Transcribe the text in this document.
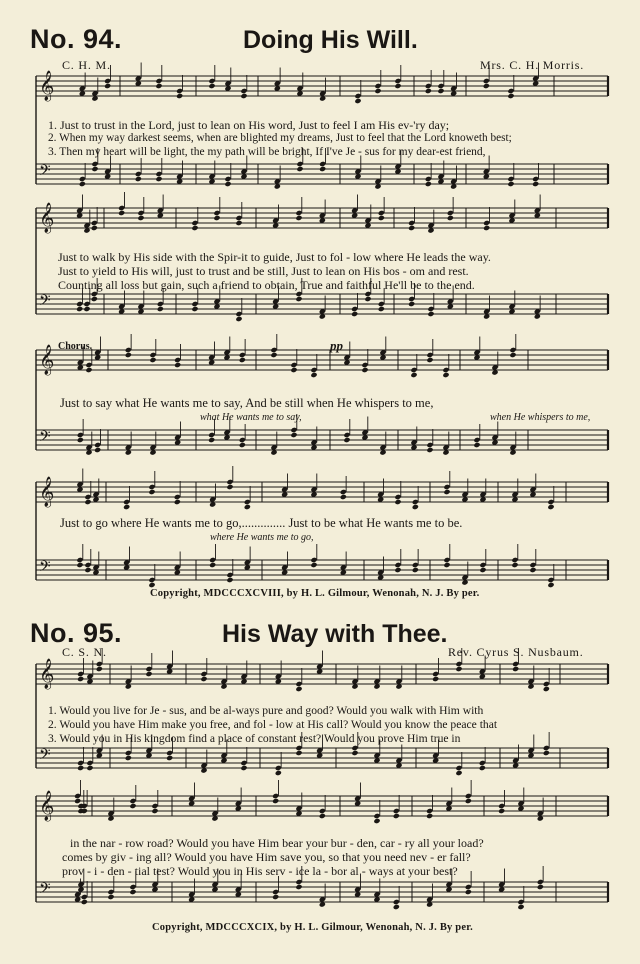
No. 94.	Doing His Will.
C. H. M.	Mrs. C. H. Morris.
1. Just to trust in the Lord, just to lean on His word, Just to feel I am His ev-'ry day;
2. When my way darkest seems, when are blighted my dreams, Just to feel that the Lord knoweth best;
3. Then my heart will be light, the my path will be bright, If I've Je - sus for my dear-est friend,
Just to walk by His side with the Spir-it to guide, Just to fol - low where He leads the way.
Just to yield to His will, just to trust and be still, Just to lean on His bos - om and rest.
Counting all loss but gain, such a friend to obtain, True and faithful He'll be to the end.
Chorus.	pp
Just to say what He wants me to say, And be still when He whispers to me,
what He wants me to say,	when He whispers to me,
Just to go where He wants me to go,.............. Just to be what He wants me to be.
where He wants me to go,
Copyright, MDCCCXCVIII, by H. L. Gilmour, Wenonah, N. J. By per.
No. 95.	His Way with Thee.
C. S. N.	Rev. Cyrus S. Nusbaum.
1. Would you live for Je - sus, and be al-ways pure and good? Would you walk with Him with
2. Would you have Him make you free, and fol - low at His call? Would you know the peace that
3. Would you in His kingdom find a place of constant rest? Would you prove Him true in
in the nar - row road? Would you have Him bear your bur - den, car - ry all your load?
comes by giv - ing all? Would you have Him save you, so that you need nev - er fall?
prov - i - den - tial test? Would you in His serv - ice la - bor al - ways at your best?
Copyright, MDCCCXCIX, by H. L. Gilmour, Wenonah, N. J. By per.
𝄞
𝄢
𝄞
𝄢
𝄞
𝄢
𝄞
𝄢
𝄞
𝄢
𝄞
𝄢
